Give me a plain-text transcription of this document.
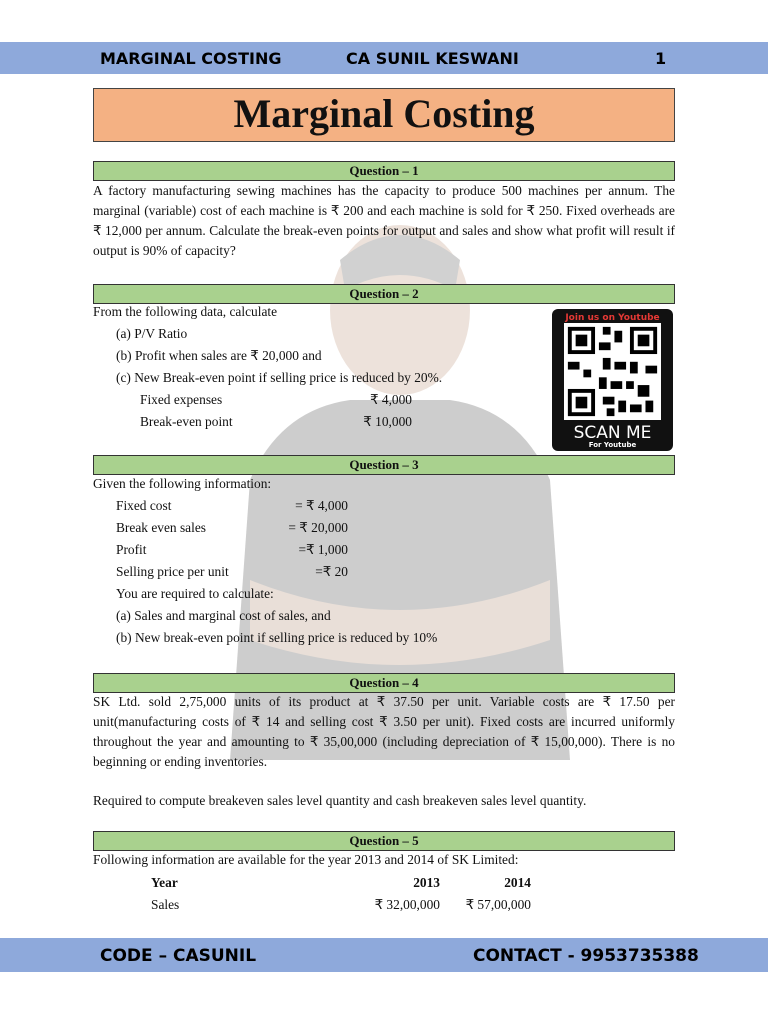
MARGINAL COSTING	CA SUNIL KESWANI	1
Marginal Costing
Question – 1
A factory manufacturing sewing machines has the capacity to produce 500 machines per annum. The marginal (variable) cost of each machine is ₹ 200 and each machine is sold for ₹ 250. Fixed overheads are ₹ 12,000 per annum. Calculate the break-even points for output and sales and show what profit will result if output is 90% of capacity?
Question – 2
From the following data, calculate
(a) P/V Ratio
(b) Profit when sales are ₹ 20,000 and
(c) New Break-even point if selling price is reduced by 20%.
Fixed expenses	₹ 4,000
Break-even point	₹ 10,000
Join us on Youtube
SCAN ME
For Youtube
Question – 3
Given the following information:
Fixed cost	= ₹ 4,000
Break even sales	= ₹ 20,000
Profit	=₹ 1,000
Selling price per unit	=₹ 20
You are required to calculate:
(a) Sales and marginal cost of sales, and
(b) New break-even point if selling price is reduced by 10%
Question – 4
SK Ltd. sold 2,75,000 units of its product at ₹ 37.50 per unit. Variable costs are ₹ 17.50 per unit(manufacturing costs of ₹ 14 and selling cost ₹ 3.50 per unit). Fixed costs are incurred uniformly throughout the year and amounting to ₹ 35,00,000 (including depreciation of ₹ 15,00,000). There is no beginning or ending inventories.
Required to compute breakeven sales level quantity and cash breakeven sales level quantity.
Question – 5
Following information are available for the year 2013 and 2014 of SK Limited:
Year	2013	2014
Sales	₹ 32,00,000	₹ 57,00,000
CODE – CASUNIL	CONTACT - 9953735388
